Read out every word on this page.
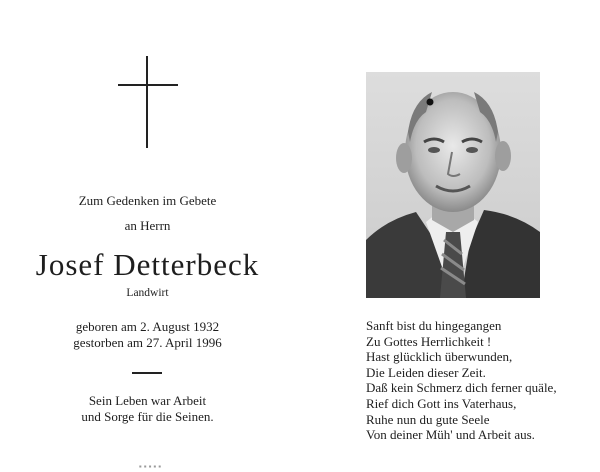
Zum Gedenken im Gebete
an Herrn
Josef Detterbeck
Landwirt
geboren am 2. August 1932
gestorben am 27. April 1996
Sein Leben war Arbeit
und Sorge für die Seinen.
▪ ▪ ▪ ▪ ▪
Sanft bist du hingegangen
Zu Gottes Herrlichkeit !
Hast glücklich überwunden,
Die Leiden dieser Zeit.
Daß kein Schmerz dich ferner quäle,
Rief dich Gott ins Vaterhaus,
Ruhe nun du gute Seele
Von deiner Müh' und Arbeit aus.
